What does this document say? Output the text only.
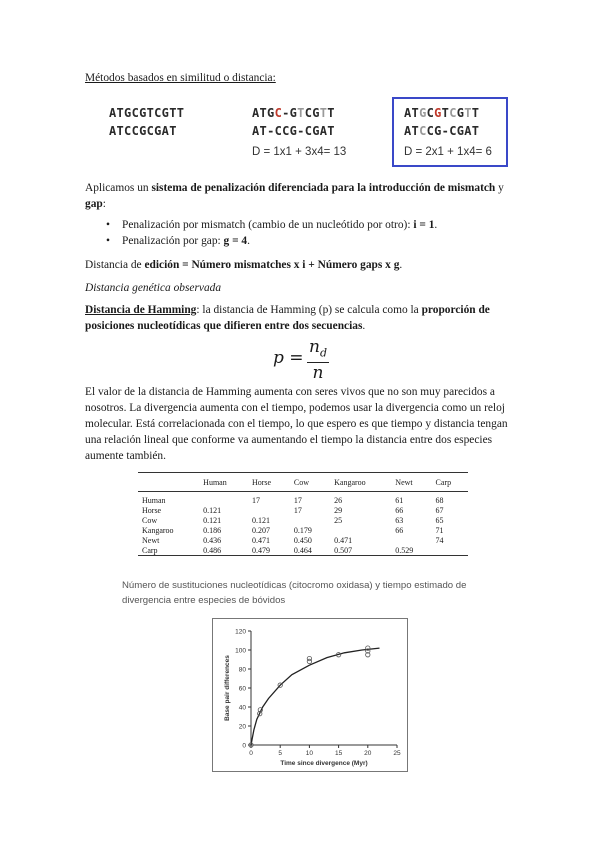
Métodos basados en similitud o distancia:
ATGCGTCGTT
ATCCGCGAT
ATGC-GTCGTT
AT-CCG-CGAT
D = 1x1 + 3x4= 13
ATGCGTCGTT
ATCCG-CGAT
D = 2x1 + 1x4= 6
Aplicamos un sistema de penalización diferenciada para la introducción de mismatch y gap:
• Penalización por mismatch (cambio de un nucleótido por otro): i = 1.
• Penalización por gap: g = 4.
Distancia de edición = Número mismatches x i + Número gaps x g.
Distancia genética observada
Distancia de Hamming: la distancia de Hamming (p) se calcula como la proporción de posiciones nucleotídicas que difieren entre dos secuencias.
$p = \frac{n_d}{n}$
El valor de la distancia de Hamming aumenta con seres vivos que no son muy parecidos a nosotros. La divergencia aumenta con el tiempo, podemos usar la divergencia como un reloj molecular. Está correlacionada con el tiempo, lo que espero es que tiempo y distancia tengan una relación lineal que conforme va aumentando el tiempo la distancia entre dos especies aumente también.
	Human	Horse	Cow	Kangaroo	Newt	Carp
Human		17	17	26	61	68
Horse	0.121		17	29	66	67
Cow	0.121	0.121		25	63	65
Kangaroo	0.186	0.207	0.179		66	71
Newt	0.436	0.471	0.450	0.471		74
Carp	0.486	0.479	0.464	0.507	0.529	
Número de sustituciones nucleotídicas (citocromo oxidasa) y tiempo estimado de divergencia entre especies de bóvidos
0
20
40
60
80
100
120
0	5	10	15	20	25
Time since divergence (Myr)
Base pair differences
